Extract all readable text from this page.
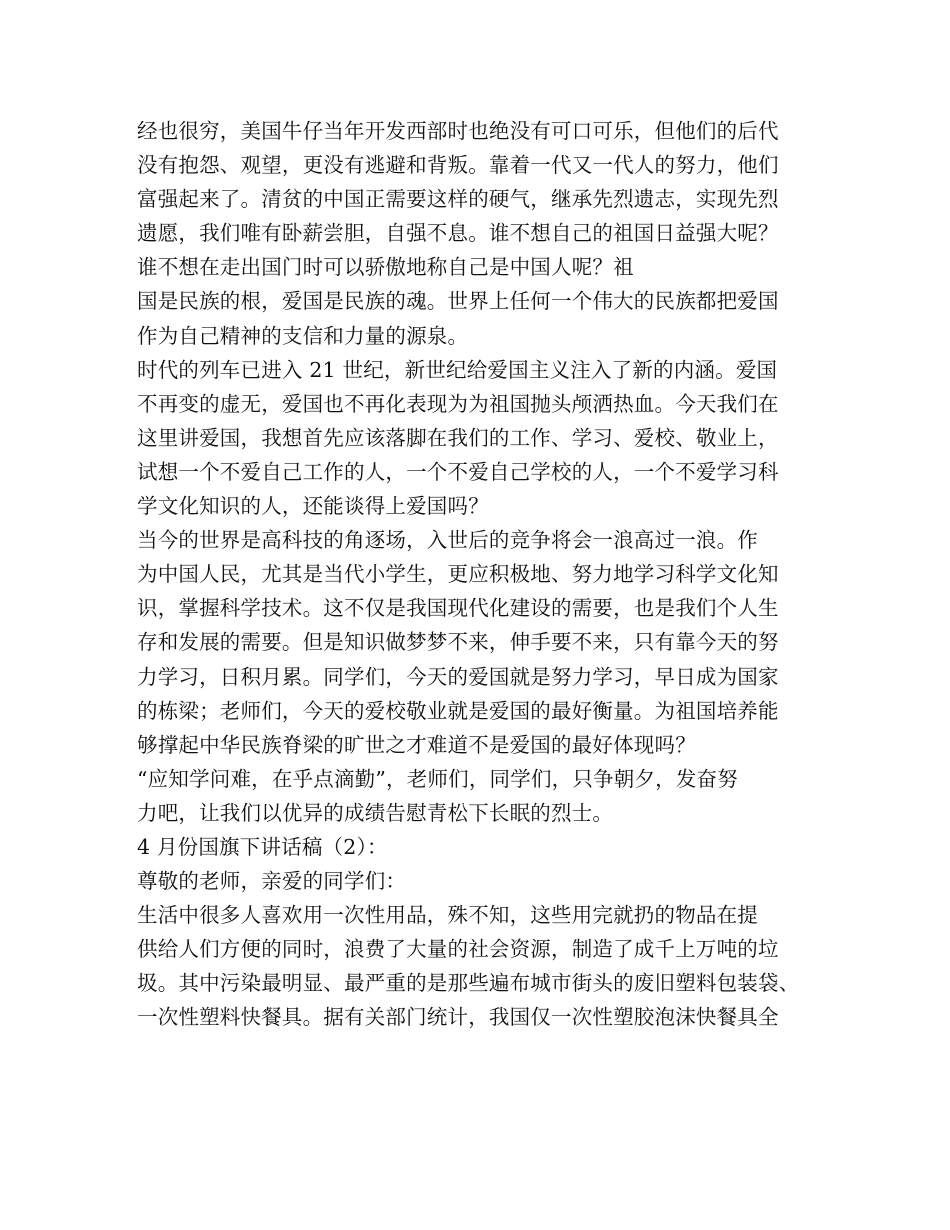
经也很穷，美国牛仔当年开发西部时也绝没有可口可乐，但他们的后代
没有抱怨、观望，更没有逃避和背叛。靠着一代又一代人的努力，他们
富强起来了。清贫的中国正需要这样的硬气，继承先烈遗志，实现先烈
遗愿，我们唯有卧薪尝胆，自强不息。谁不想自己的祖国日益强大呢？
谁不想在走出国门时可以骄傲地称自己是中国人呢？祖
国是民族的根，爱国是民族的魂。世界上任何一个伟大的民族都把爱国
作为自己精神的支信和力量的源泉。
时代的列车已进入 21 世纪，新世纪给爱国主义注入了新的内涵。爱国
不再变的虚无，爱国也不再化表现为为祖国抛头颅洒热血。今天我们在
这里讲爱国，我想首先应该落脚在我们的工作、学习、爱校、敬业上，
试想一个不爱自己工作的人，一个不爱自己学校的人，一个不爱学习科
学文化知识的人，还能谈得上爱国吗？
当今的世界是高科技的角逐场，入世后的竞争将会一浪高过一浪。作
为中国人民，尤其是当代小学生，更应积极地、努力地学习科学文化知
识，掌握科学技术。这不仅是我国现代化建设的需要，也是我们个人生
存和发展的需要。但是知识做梦梦不来，伸手要不来，只有靠今天的努
力学习，日积月累。同学们，今天的爱国就是努力学习，早日成为国家
的栋梁；老师们，今天的爱校敬业就是爱国的最好衡量。为祖国培养能
够撑起中华民族脊梁的旷世之才难道不是爱国的最好体现吗？
“应知学问难，在乎点滴勤”，老师们，同学们，只争朝夕，发奋努
力吧，让我们以优异的成绩告慰青松下长眠的烈士。
4 月份国旗下讲话稿（2）：
尊敬的老师，亲爱的同学们：
生活中很多人喜欢用一次性用品，殊不知，这些用完就扔的物品在提
供给人们方便的同时，浪费了大量的社会资源，制造了成千上万吨的垃
圾。其中污染最明显、最严重的是那些遍布城市街头的废旧塑料包装袋、
一次性塑料快餐具。据有关部门统计，我国仅一次性塑胶泡沫快餐具全
